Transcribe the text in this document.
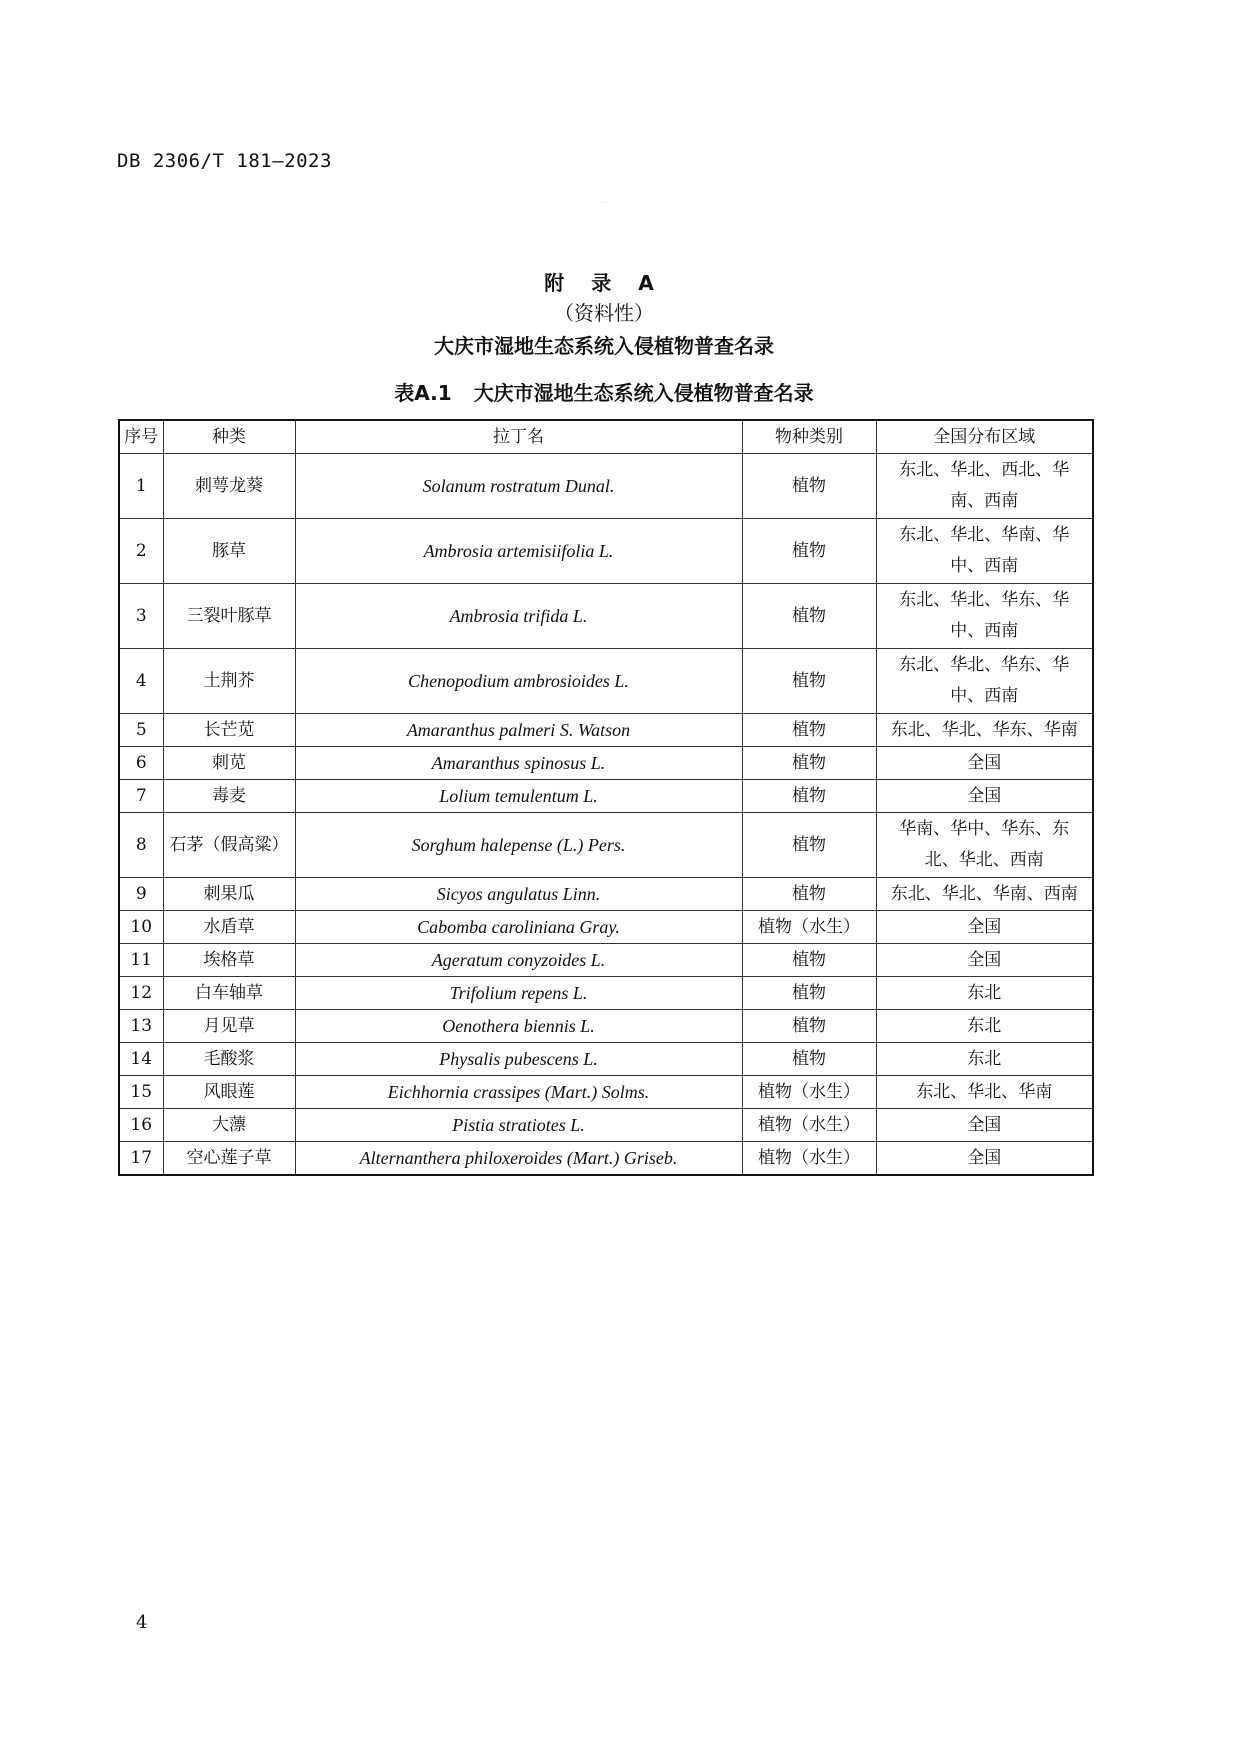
DB 2306/T 181—2023
· ·
附 录 A
（资料性）
大庆市湿地生态系统入侵植物普查名录
表A.1 大庆市湿地生态系统入侵植物普查名录
序号	种类	拉丁名	物种类别	全国分布区域
1	刺萼龙葵	Solanum rostratum Dunal.	植物	东北、华北、西北、华南、西南
2	豚草	Ambrosia artemisiifolia L.	植物	东北、华北、华南、华中、西南
3	三裂叶豚草	Ambrosia trifida L.	植物	东北、华北、华东、华中、西南
4	土荆芥	Chenopodium ambrosioides L.	植物	东北、华北、华东、华中、西南
5	长芒苋	Amaranthus palmeri S. Watson	植物	东北、华北、华东、华南
6	刺苋	Amaranthus spinosus L.	植物	全国
7	毒麦	Lolium temulentum L.	植物	全国
8	石茅（假高粱）	Sorghum halepense (L.) Pers.	植物	华南、华中、华东、东北、华北、西南
9	刺果瓜	Sicyos angulatus Linn.	植物	东北、华北、华南、西南
10	水盾草	Cabomba caroliniana Gray.	植物（水生）	全国
11	埃格草	Ageratum conyzoides L.	植物	全国
12	白车轴草	Trifolium repens L.	植物	东北
13	月见草	Oenothera biennis L.	植物	东北
14	毛酸浆	Physalis pubescens L.	植物	东北
15	风眼莲	Eichhornia crassipes (Mart.) Solms.	植物（水生）	东北、华北、华南
16	大薸	Pistia stratiotes L.	植物（水生）	全国
17	空心莲子草	Alternanthera philoxeroides (Mart.) Griseb.	植物（水生）	全国
4
